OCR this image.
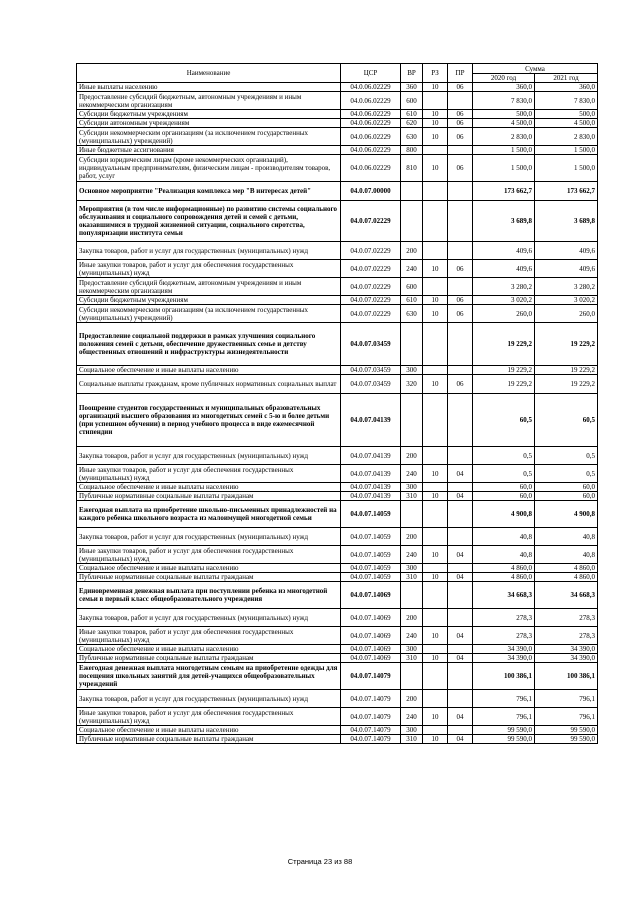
Наименование	ЦСР	ВР	РЗ	ПР	Сумма	
					2020 год	2021 год
Иные выплаты населению	04.0.06.02229	360	10	06	360,0	360,0
Предоставление субсидий бюджетным, автономным учреждениям и иным некоммерческим организациям	04.0.06.02229	600			7 830,0	7 830,0
Субсидии бюджетным учреждениям	04.0.06.02229	610	10	06	500,0	500,0
Субсидии автономным учреждениям	04.0.06.02229	620	10	06	4 500,0	4 500,0
Субсидии некоммерческим организациям (за исключением государственных (муниципальных) учреждений)	04.0.06.02229	630	10	06	2 830,0	2 830,0
Иные бюджетные ассигнования	04.0.06.02229	800			1 500,0	1 500,0
Субсидии юридическим лицам (кроме некоммерческих организаций), индивидуальным предпринимателям, физическим лицам - производителям товаров, работ, услуг	04.0.06.02229	810	10	06	1 500,0	1 500,0
Основное мероприятие "Реализация комплекса мер "В интересах детей"	04.0.07.00000				173 662,7	173 662,7
Мероприятия (в том числе информационные) по развитию системы социального обслуживания и социального сопровождения детей и семей с детьми, оказавшимися в трудной жизненной ситуации, социального сиротства, популяризации института семьи	04.0.07.02229				3 689,8	3 689,8
Закупка товаров, работ и услуг для государственных (муниципальных) нужд	04.0.07.02229	200			409,6	409,6
Иные закупки товаров, работ и услуг для обеспечения государственных (муниципальных) нужд	04.0.07.02229	240	10	06	409,6	409,6
Предоставление субсидий бюджетным, автономным учреждениям и иным некоммерческим организациям	04.0.07.02229	600			3 280,2	3 280,2
Субсидии бюджетным учреждениям	04.0.07.02229	610	10	06	3 020,2	3 020,2
Субсидии некоммерческим организациям (за исключением государственных (муниципальных) учреждений)	04.0.07.02229	630	10	06	260,0	260,0
Предоставление социальной поддержки в рамках улучшения социального положения семей с детьми, обеспечение дружественных семье и детству общественных отношений и инфраструктуры жизнедеятельности	04.0.07.03459				19 229,2	19 229,2
Социальное обеспечение и иные выплаты населению	04.0.07.03459	300			19 229,2	19 229,2
Социальные выплаты гражданам, кроме публичных нормативных социальных выплат	04.0.07.03459	320	10	06	19 229,2	19 229,2
Поощрение студентов государственных и муниципальных образовательных организаций высшего образования из многодетных семей с 5-ю и более детьми (при успешном обучении) в период учебного процесса в виде ежемесячной стипендии	04.0.07.04139				60,5	60,5
Закупка товаров, работ и услуг для государственных (муниципальных) нужд	04.0.07.04139	200			0,5	0,5
Иные закупки товаров, работ и услуг для обеспечения государственных (муниципальных) нужд	04.0.07.04139	240	10	04	0,5	0,5
Социальное обеспечение и иные выплаты населению	04.0.07.04139	300			60,0	60,0
Публичные нормативные социальные выплаты гражданам	04.0.07.04139	310	10	04	60,0	60,0
Ежегодная выплата на приобретение школьно-письменных принадлежностей на каждого ребенка школьного возраста из малоимущей многодетной семьи	04.0.07.14059				4 900,8	4 900,8
Закупка товаров, работ и услуг для государственных (муниципальных) нужд	04.0.07.14059	200			40,8	40,8
Иные закупки товаров, работ и услуг для обеспечения государственных (муниципальных) нужд	04.0.07.14059	240	10	04	40,8	40,8
Социальное обеспечение и иные выплаты населению	04.0.07.14059	300			4 860,0	4 860,0
Публичные нормативные социальные выплаты гражданам	04.0.07.14059	310	10	04	4 860,0	4 860,0
Единовременная денежная выплата при поступлении ребенка из многодетной семьи в первый класс общеобразовательного учреждения	04.0.07.14069				34 668,3	34 668,3
Закупка товаров, работ и услуг для государственных (муниципальных) нужд	04.0.07.14069	200			278,3	278,3
Иные закупки товаров, работ и услуг для обеспечения государственных (муниципальных) нужд	04.0.07.14069	240	10	04	278,3	278,3
Социальное обеспечение и иные выплаты населению	04.0.07.14069	300			34 390,0	34 390,0
Публичные нормативные социальные выплаты гражданам	04.0.07.14069	310	10	04	34 390,0	34 390,0
Ежегодная денежная выплата многодетным семьям на приобретение одежды для посещения школьных занятий для детей-учащихся общеобразовательных учреждений	04.0.07.14079				100 386,1	100 386,1
Закупка товаров, работ и услуг для государственных (муниципальных) нужд	04.0.07.14079	200			796,1	796,1
Иные закупки товаров, работ и услуг для обеспечения государственных (муниципальных) нужд	04.0.07.14079	240	10	04	796,1	796,1
Социальное обеспечение и иные выплаты населению	04.0.07.14079	300			99 590,0	99 590,0
Публичные нормативные социальные выплаты гражданам	04.0.07.14079	310	10	04	99 590,0	99 590,0
Страница 23 из 88
